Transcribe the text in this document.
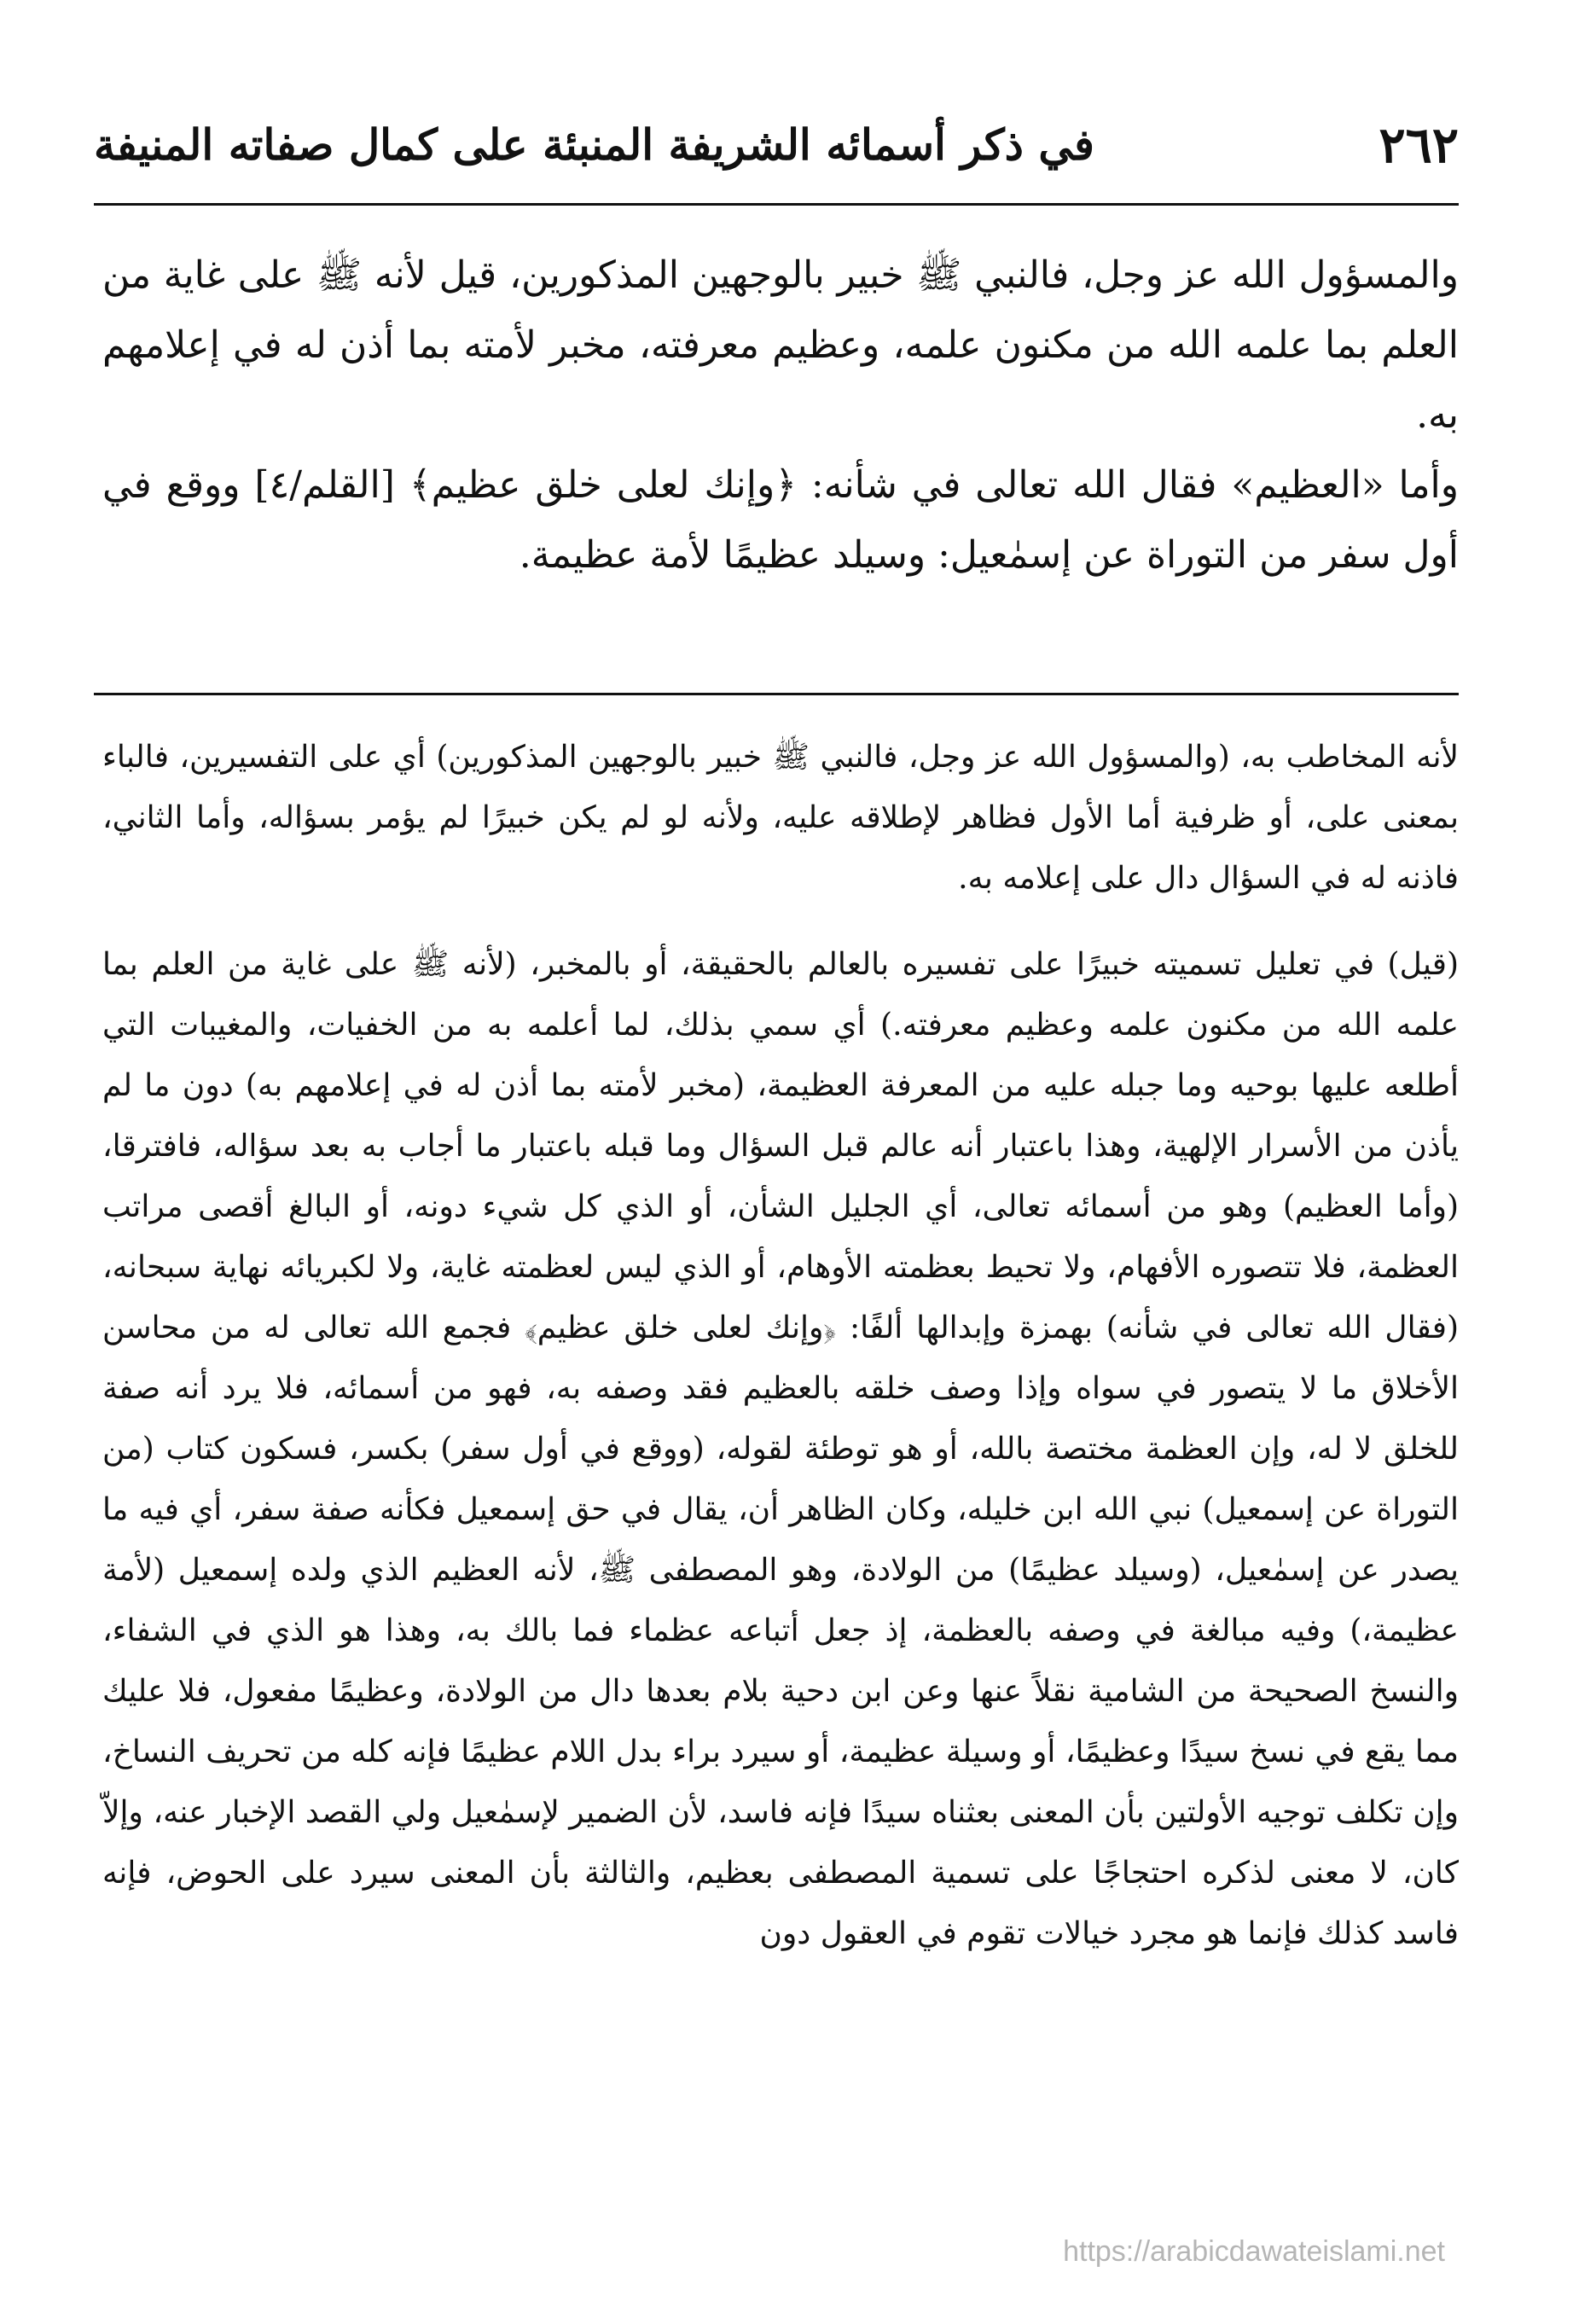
٢٦٢
في ذكر أسمائه الشريفة المنبئة على كمال صفاته المنيفة

والمسؤول الله عز وجل، فالنبي ﷺ خبير بالوجهين المذكورين، قيل لأنه ﷺ على غاية من العلم بما علمه الله من مكنون علمه، وعظيم معرفته، مخبر لأمته بما أذن له في إعلامهم به.

وأما «العظيم» فقال الله تعالى في شأنه: ﴿وإنك لعلى خلق عظيم﴾ [القلم/٤] ووقع في أول سفر من التوراة عن إسمٰعيل: وسيلد عظيمًا لأمة عظيمة.

لأنه المخاطب به، (والمسؤول الله عز وجل، فالنبي ﷺ خبير بالوجهين المذكورين) أي على التفسيرين، فالباء بمعنى على، أو ظرفية أما الأول فظاهر لإطلاقه عليه، ولأنه لو لم يكن خبيرًا لم يؤمر بسؤاله، وأما الثاني، فاذنه له في السؤال دال على إعلامه به.

(قيل) في تعليل تسميته خبيرًا على تفسيره بالعالم بالحقيقة، أو بالمخبر، (لأنه ﷺ على غاية من العلم بما علمه الله من مكنون علمه وعظيم معرفته.) أي سمي بذلك، لما أعلمه به من الخفيات، والمغيبات التي أطلعه عليها بوحيه وما جبله عليه من المعرفة العظيمة، (مخبر لأمته بما أذن له في إعلامهم به) دون ما لم يأذن من الأسرار الإلهية، وهذا باعتبار أنه عالم قبل السؤال وما قبله باعتبار ما أجاب به بعد سؤاله، فافترقا، (وأما العظيم) وهو من أسمائه تعالى، أي الجليل الشأن، أو الذي كل شيء دونه، أو البالغ أقصى مراتب العظمة، فلا تتصوره الأفهام، ولا تحيط بعظمته الأوهام، أو الذي ليس لعظمته غاية، ولا لكبريائه نهاية سبحانه، (فقال الله تعالى في شأنه) بهمزة وإبدالها ألفًا: ﴿وإنك لعلى خلق عظيم﴾ فجمع الله تعالى له من محاسن الأخلاق ما لا يتصور في سواه وإذا وصف خلقه بالعظيم فقد وصفه به، فهو من أسمائه، فلا يرد أنه صفة للخلق لا له، وإن العظمة مختصة بالله، أو هو توطئة لقوله، (ووقع في أول سفر) بكسر، فسكون كتاب (من التوراة عن إسمعيل) نبي الله ابن خليله، وكان الظاهر أن، يقال في حق إسمعيل فكأنه صفة سفر، أي فيه ما يصدر عن إسمٰعيل، (وسيلد عظيمًا) من الولادة، وهو المصطفى ﷺ، لأنه العظيم الذي ولده إسمعيل (لأمة عظيمة،) وفيه مبالغة في وصفه بالعظمة، إذ جعل أتباعه عظماء فما بالك به، وهذا هو الذي في الشفاء، والنسخ الصحيحة من الشامية نقلاً عنها وعن ابن دحية بلام بعدها دال من الولادة، وعظيمًا مفعول، فلا عليك مما يقع في نسخ سيدًا وعظيمًا، أو وسيلة عظيمة، أو سيرد براء بدل اللام عظيمًا فإنه كله من تحريف النساخ، وإن تكلف توجيه الأولتين بأن المعنى بعثناه سيدًا فإنه فاسد، لأن الضمير لإسمٰعيل ولي القصد الإخبار عنه، وإلاّ كان، لا معنى لذكره احتجاجًا على تسمية المصطفى بعظيم، والثالثة بأن المعنى سيرد على الحوض، فإنه فاسد كذلك فإنما هو مجرد خيالات تقوم في العقول دون

https://arabicdawateislami.net
